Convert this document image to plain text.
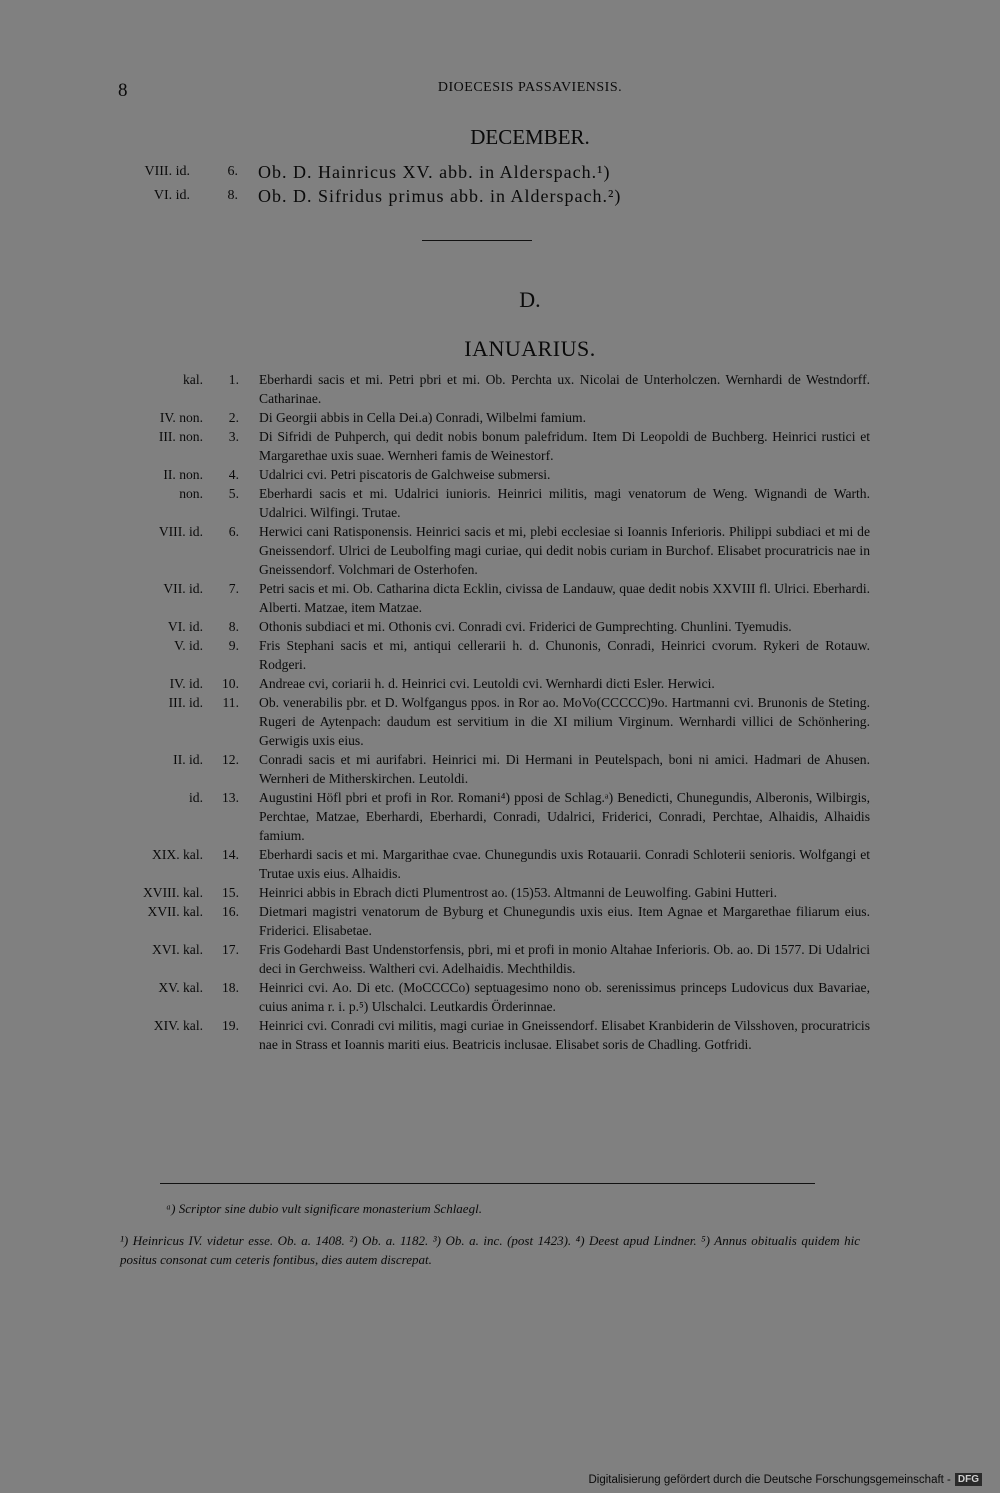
8	DIOECESIS PASSAVIENSIS.
DECEMBER.
VIII. id.	6.	Ob. D. Hainricus XV. abb. in Alderspach.¹)
VI. id.	8.	Ob. D. Sifridus primus abb. in Alderspach.²)
D.
IANUARIUS.
kal.	1. Eberhardi sacis et mi. Petri pbri et mi. Ob. Perchta ux. Nicolai de Unterholczen. Wernhardi de Westndorff. Catharinae.
IV. non.	2. Di Georgii abbis in Cella Dei.a) Conradi, Wilbelmi famium.
III. non.	3. Di Sifridi de Puhperch, qui dedit nobis bonum palefridum. Item Di Leopoldi de Buchberg. Heinrici rustici et Margarethae uxis suae. Wernheri famis de Weinestorf.
II. non.	4. Udalrici cvi. Petri piscatoris de Galchweise submersi.
non.	5. Eberhardi sacis et mi. Udalrici iunioris. Heinrici militis, magi venatorum de Weng. Wignandi de Warth. Udalrici. Wilfingi. Trutae.
VIII. id.	6. Herwici cani Ratisponensis. Heinrici sacis et mi, plebi ecclesiae si Ioannis Inferioris. Philippi subdiaci et mi de Gneissendorf. Ulrici de Leubolfing magi curiae, qui dedit nobis curiam in Burchof. Elisabet procuratricis nae in Gneissendorf. Volchmari de Osterhofen.
VII. id.	7. Petri sacis et mi. Ob. Catharina dicta Ecklin, civissa de Landauw, quae dedit nobis XXVIII fl. Ulrici. Eberhardi. Alberti. Matzae, item Matzae.
VI. id.	8. Othonis subdiaci et mi. Othonis cvi. Conradi cvi. Friderici de Gumprechting. Chunlini. Tyemudis.
V. id.	9. Fris Stephani sacis et mi, antiqui cellerarii h. d. Chunonis, Conradi, Heinrici cvorum. Rykeri de Rotauw. Rodgeri.
IV. id.	10. Andreae cvi, coriarii h. d. Heinrici cvi. Leutoldi cvi. Wernhardi dicti Esler. Herwici.
III. id.	11. Ob. venerabilis pbr. et D. Wolfgangus ppos. in Ror ao. MoVo(CCCCC)9o. Hartmanni cvi. Brunonis de Steting. Rugeri de Aytenpach: daudum est servitium in die XI milium Virginum. Wernhardi villici de Schönhering. Gerwigis uxis eius.
II. id.	12. Conradi sacis et mi aurifabri. Heinrici mi. Di Hermani in Peutelspach, boni ni amici. Hadmari de Ahusen. Wernheri de Mitherskirchen. Leutoldi.
id.	13. Augustini Höfl pbri et profi in Ror. Romani⁴) pposi de Schlag.ᵃ) Benedicti, Chunegundis, Alberonis, Wilbirgis, Perchtae, Matzae, Eberhardi, Eberhardi, Conradi, Udalrici, Friderici, Conradi, Perchtae, Alhaidis, Alhaidis famium.
XIX. kal.	14. Eberhardi sacis et mi. Margarithae cvae. Chunegundis uxis Rotauarii. Conradi Schloterii senioris. Wolfgangi et Trutae uxis eius. Alhaidis.
XVIII. kal.	15. Heinrici abbis in Ebrach dicti Plumentrost ao. (15)53. Altmanni de Leuwolfing. Gabini Hutteri.
XVII. kal.	16. Dietmari magistri venatorum de Byburg et Chunegundis uxis eius. Item Agnae et Margarethae filiarum eius. Friderici. Elisabetae.
XVI. kal.	17. Fris Godehardi Bast Undenstorfensis, pbri, mi et profi in monio Altahae Inferioris. Ob. ao. Di 1577. Di Udalrici deci in Gerchweiss. Waltheri cvi. Adelhaidis. Mechthildis.
XV. kal.	18. Heinrici cvi. Ao. Di etc. (MoCCCCo) septuagesimo nono ob. serenissimus princeps Ludovicus dux Bavariae, cuius anima r. i. p.⁵) Ulschalci. Leutkardis Örderinnae.
XIV. kal.	19. Heinrici cvi. Conradi cvi militis, magi curiae in Gneissendorf. Elisabet Kranbiderin de Vilsshoven, procuratricis nae in Strass et Ioannis mariti eius. Beatricis inclusae. Elisabet soris de Chadling. Gotfridi.
ᵃ) Scriptor sine dubio vult significare monasterium Schlaegl.
¹) Heinricus IV. videtur esse. Ob. a. 1408. ²) Ob. a. 1182. ³) Ob. a. inc. (post 1423). ⁴) Deest apud Lindner. ⁵) Annus obitualis quidem hic positus consonat cum ceteris fontibus, dies autem discrepat.
Digitalisierung gefördert durch die Deutsche Forschungsgemeinschaft - DFG
